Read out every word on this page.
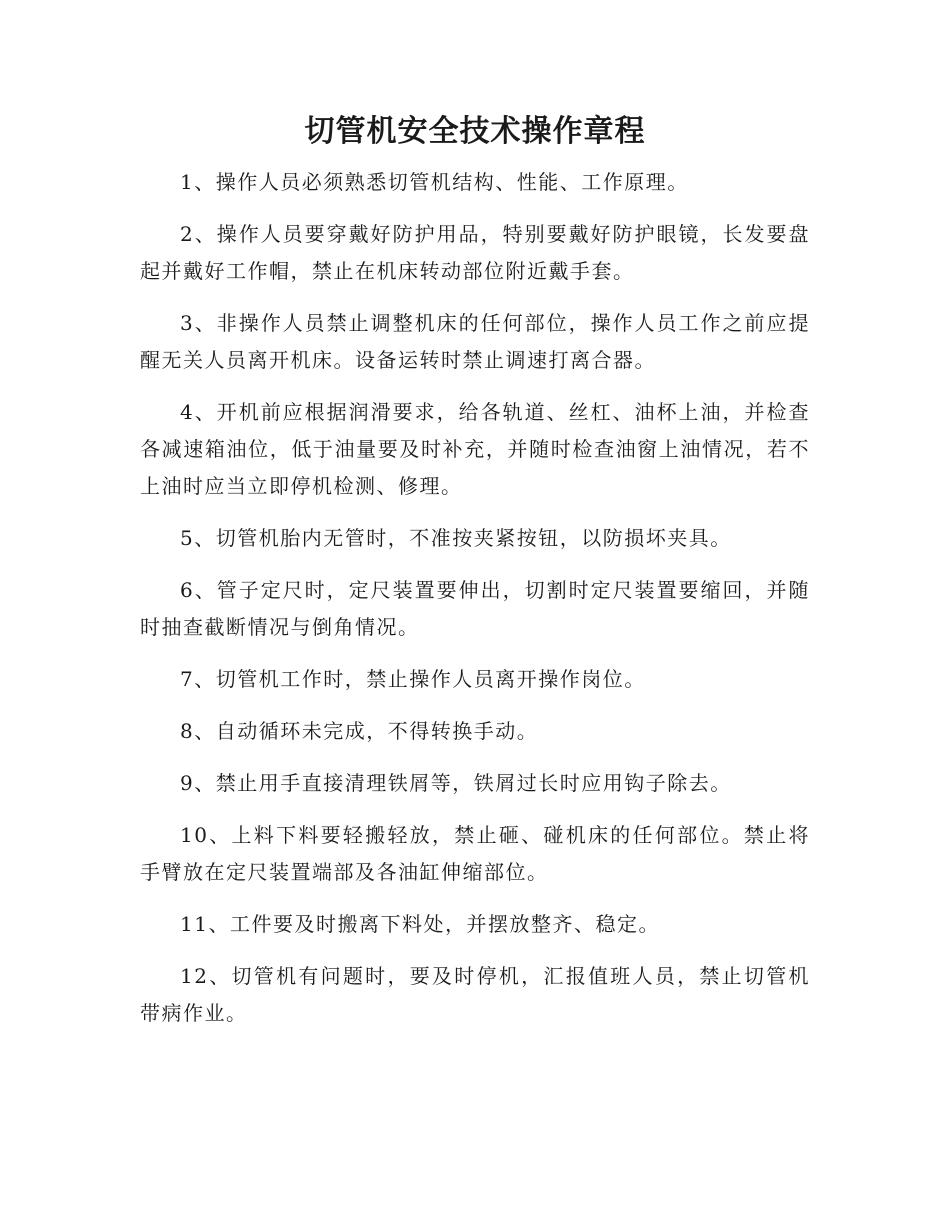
切管机安全技术操作章程

1、操作人员必须熟悉切管机结构、性能、工作原理。

2、操作人员要穿戴好防护用品，特别要戴好防护眼镜，长发要盘起并戴好工作帽，禁止在机床转动部位附近戴手套。

3、非操作人员禁止调整机床的任何部位，操作人员工作之前应提醒无关人员离开机床。设备运转时禁止调速打离合器。

4、开机前应根据润滑要求，给各轨道、丝杠、油杯上油，并检查各减速箱油位，低于油量要及时补充，并随时检查油窗上油情况，若不上油时应当立即停机检测、修理。

5、切管机胎内无管时，不准按夹紧按钮，以防损坏夹具。

6、管子定尺时，定尺装置要伸出，切割时定尺装置要缩回，并随时抽查截断情况与倒角情况。

7、切管机工作时，禁止操作人员离开操作岗位。

8、自动循环未完成，不得转换手动。

9、禁止用手直接清理铁屑等，铁屑过长时应用钩子除去。

10、上料下料要轻搬轻放，禁止砸、碰机床的任何部位。禁止将手臂放在定尺装置端部及各油缸伸缩部位。

11、工件要及时搬离下料处，并摆放整齐、稳定。

12、切管机有问题时，要及时停机，汇报值班人员，禁止切管机带病作业。
